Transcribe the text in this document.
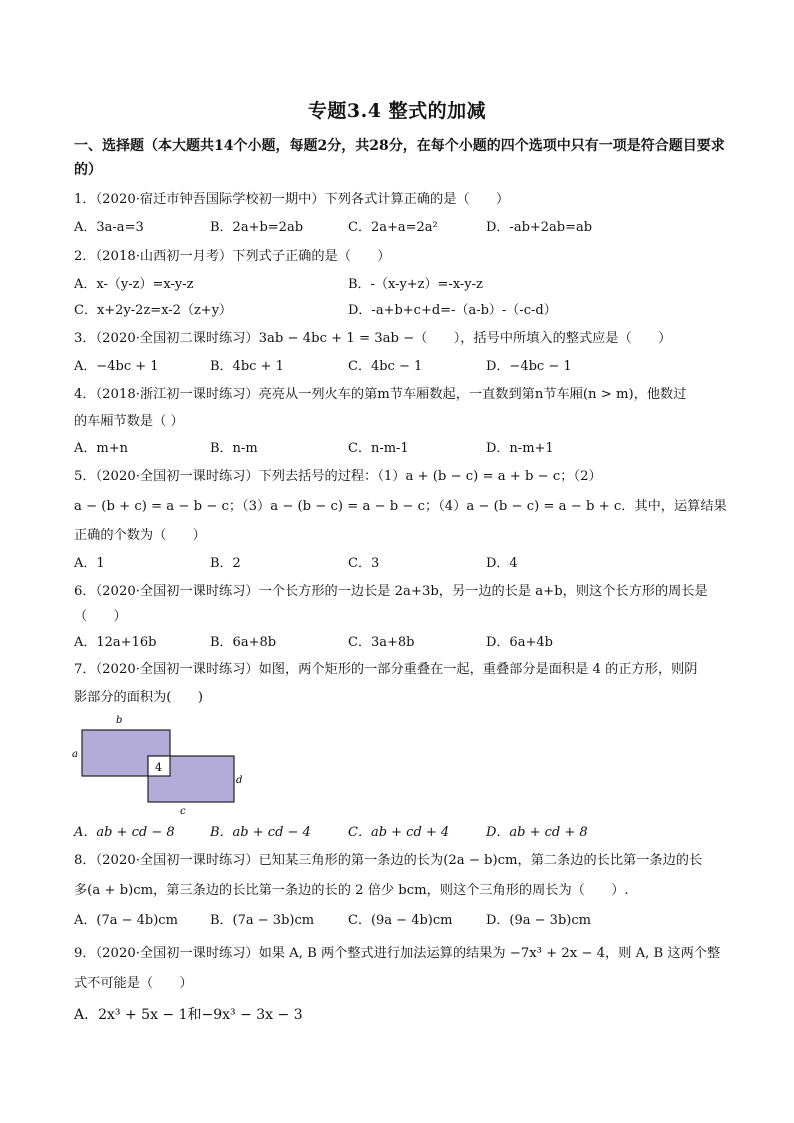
专题3.4 整式的加减
一、选择题（本大题共14个小题，每题2分，共28分，在每个小题的四个选项中只有一项是符合题目要求的）
1．（2020·宿迁市钟吾国际学校初一期中）下列各式计算正确的是（　　）
A．3a-a=3	B．2a+b=2ab	C．2a+a=2a²	D．-ab+2ab=ab
2．（2018·山西初一月考）下列式子正确的是（　　）
A．x-（y-z）=x-y-z	B．-（x-y+z）=-x-y-z
C．x+2y-2z=x-2（z+y）	D．-a+b+c+d=-（a-b）-（-c-d）
3．（2020·全国初二课时练习）3ab − 4bc + 1 = 3ab −（　　），括号中所填入的整式应是（　　）
A．−4bc + 1	B．4bc + 1	C．4bc − 1	D．−4bc − 1
4．（2018·浙江初一课时练习）亮亮从一列火车的第m节车厢数起，一直数到第n节车厢(n > m)，他数过
的车厢节数是（ ）
A．m+n	B．n-m	C．n-m-1	D．n-m+1
5．（2020·全国初一课时练习）下列去括号的过程：（1）a + (b − c) = a + b − c；（2）
a − (b + c) = a − b − c；（3）a − (b − c) = a − b − c；（4）a − (b − c) = a − b + c．其中，运算结果
正确的个数为（　　）
A．1	B．2	C．3	D．4
6．（2020·全国初一课时练习）一个长方形的一边长是 2a+3b，另一边的长是 a+b，则这个长方形的周长是
（　　）
A．12a+16b	B．6a+8b	C．3a+8b	D．6a+4b
7．（2020·全国初一课时练习）如图，两个矩形的一部分重叠在一起，重叠部分是面积是 4 的正方形，则阴
影部分的面积为(　　)
b
a
4
d
c
A．ab + cd − 8	B．ab + cd − 4	C．ab + cd + 4	D．ab + cd + 8
8．（2020·全国初一课时练习）已知某三角形的第一条边的长为(2a − b)cm，第二条边的长比第一条边的长
多(a + b)cm，第三条边的长比第一条边的长的 2 倍少 bcm，则这个三角形的周长为（　　）.
A．(7a − 4b)cm B．(7a − 3b)cm	C．(9a − 4b)cm	D．(9a − 3b)cm
9．（2020·全国初一课时练习）如果 A, B 两个整式进行加法运算的结果为 −7x³ + 2x − 4，则 A, B 这两个整
式不可能是（　　）
A．2x³ + 5x − 1和−9x³ − 3x − 3
